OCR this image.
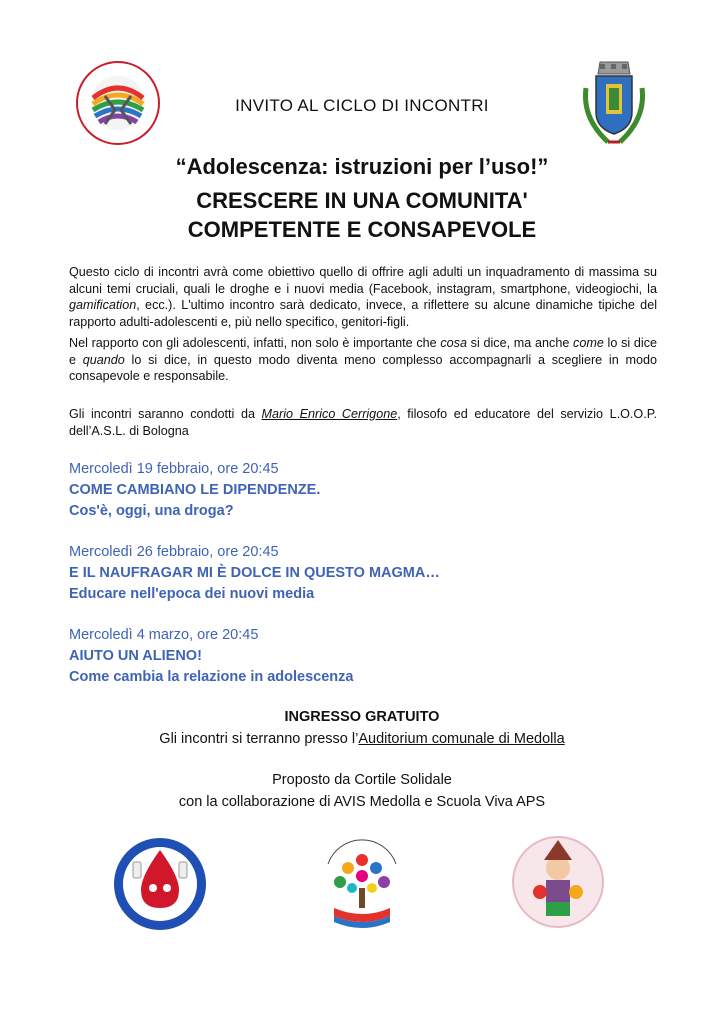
INVITO AL CICLO DI INCONTRI
“Adolescenza: istruzioni per l’uso!”
CRESCERE IN UNA COMUNITA'
COMPETENTE E CONSAPEVOLE

Questo ciclo di incontri avrà come obiettivo quello di offrire agli adulti un inquadramento di massima su alcuni temi cruciali, quali le droghe e i nuovi media (Facebook, instagram, smartphone, videogiochi, la gamification, ecc.). L'ultimo incontro sarà dedicato, invece, a riflettere su alcune dinamiche tipiche del rapporto adulti-adolescenti e, più nello specifico, genitori-figli.

Nel rapporto con gli adolescenti, infatti, non solo è importante che cosa si dice, ma anche come lo si dice e quando lo si dice, in questo modo diventa meno complesso accompagnarli a scegliere in modo consapevole e responsabile.

Gli incontri saranno condotti da Mario Enrico Cerrigone, filosofo ed educatore del servizio L.O.O.P. dell’A.S.L. di Bologna

Mercoledì 19 febbraio, ore 20:45
COME CAMBIANO LE DIPENDENZE.
Cos'è, oggi, una droga?
Mercoledì 26 febbraio, ore 20:45
E IL NAUFRAGAR MI È DOLCE IN QUESTO MAGMA…
Educare nell'epoca dei nuovi media
Mercoledì 4 marzo, ore 20:45
AIUTO UN ALIENO!
Come cambia la relazione in adolescenza
INGRESSO GRATUITO
Gli incontri si terranno presso l’Auditorium comunale di Medolla
Proposto da Cortile Solidale
con la collaborazione di AVIS Medolla e Scuola Viva APS
